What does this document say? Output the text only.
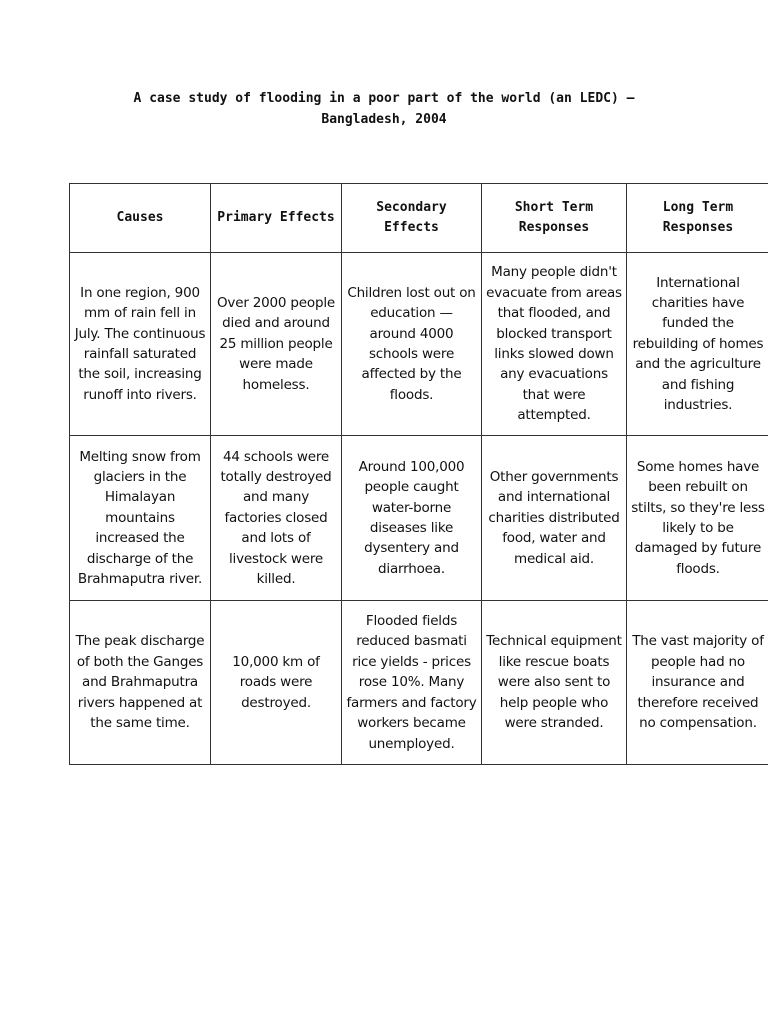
A case study of flooding in a poor part of the world (an LEDC) –
Bangladesh, 2004
Causes	Primary Effects	Secondary Effects	Short Term Responses	Long Term Responses
In one region, 900 mm of rain fell in July. The continuous rainfall saturated the soil, increasing runoff into rivers.	Over 2000 people died and around 25 million people were made homeless.	Children lost out on education — around 4000 schools were affected by the floods.	Many people didn't evacuate from areas that flooded, and blocked transport links slowed down any evacuations that were attempted.	International charities have funded the rebuilding of homes and the agriculture and fishing industries.
Melting snow from glaciers in the Himalayan mountains increased the discharge of the Brahmaputra river.	44 schools were totally destroyed and many factories closed and lots of livestock were killed.	Around 100,000 people caught water-borne diseases like dysentery and diarrhoea.	Other governments and international charities distributed food, water and medical aid.	Some homes have been rebuilt on stilts, so they're less likely to be damaged by future floods.
The peak discharge of both the Ganges and Brahmaputra rivers happened at the same time.	10,000 km of roads were destroyed.	Flooded fields reduced basmati rice yields - prices rose 10%. Many farmers and factory workers became unemployed.	Technical equipment like rescue boats were also sent to help people who were stranded.	The vast majority of people had no insurance and therefore received no compensation.
